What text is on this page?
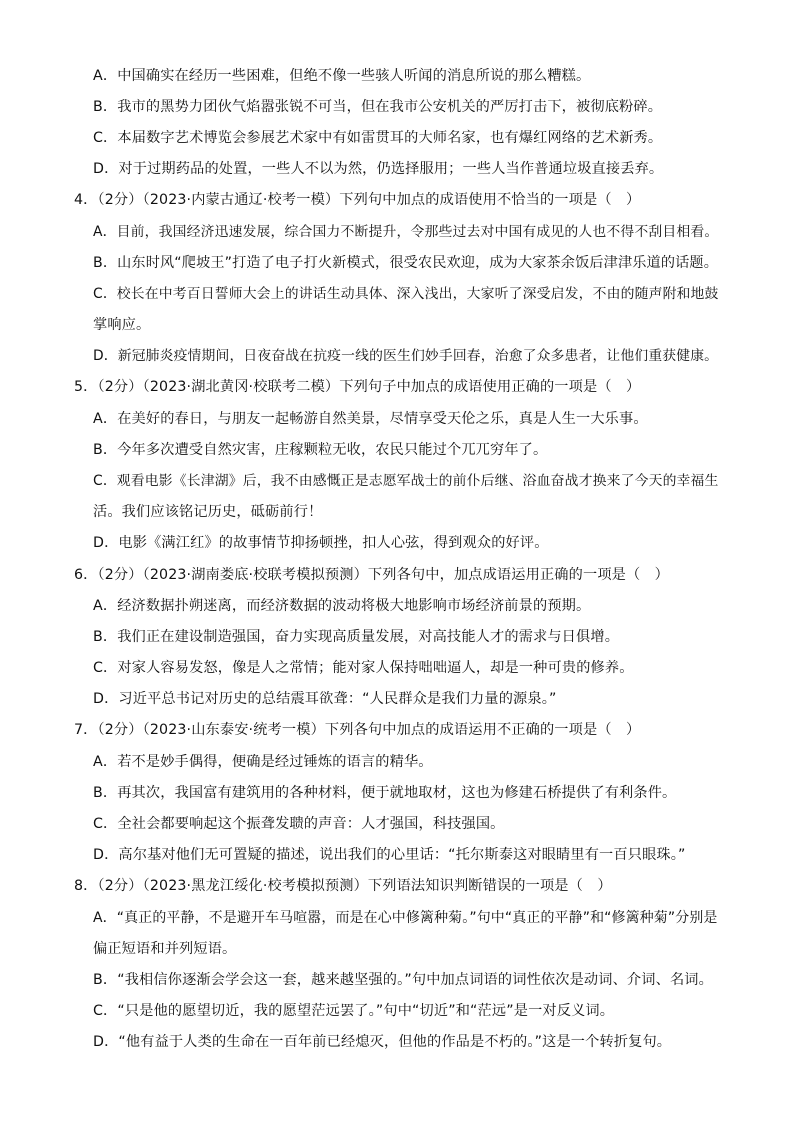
A．中国确实在经历一些困难，但绝不像一些骇人听闻的消息所说的那么糟糕。
B．我市的黑势力团伙气焰嚣张锐不可当，但在我市公安机关的严厉打击下，被彻底粉碎。
C．本届数字艺术博览会参展艺术家中有如雷贯耳的大师名家，也有爆红网络的艺术新秀。
D．对于过期药品的处置，一些人不以为然，仍选择服用；一些人当作普通垃圾直接丢弃。
4．（2分）（2023·内蒙古通辽·校考一模）下列句中加点的成语使用不恰当的一项是（　）
A．目前，我国经济迅速发展，综合国力不断提升，令那些过去对中国有成见的人也不得不刮目相看。
B．山东时风“爬坡王”打造了电子打火新模式，很受农民欢迎，成为大家茶余饭后津津乐道的话题。
C．校长在中考百日誓师大会上的讲话生动具体、深入浅出，大家听了深受启发，不由的随声附和地鼓
掌响应。
D．新冠肺炎疫情期间，日夜奋战在抗疫一线的医生们妙手回春，治愈了众多患者，让他们重获健康。
5．（2分）（2023·湖北黄冈·校联考二模）下列句子中加点的成语使用正确的一项是（　）
A．在美好的春日，与朋友一起畅游自然美景，尽情享受天伦之乐，真是人生一大乐事。
B．今年多次遭受自然灾害，庄稼颗粒无收，农民只能过个兀兀穷年了。
C．观看电影《长津湖》后，我不由感慨正是志愿军战士的前仆后继、浴血奋战才换来了今天的幸福生
活。我们应该铭记历史，砥砺前行！
D．电影《满江红》的故事情节抑扬顿挫，扣人心弦，得到观众的好评。
6．（2分）（2023·湖南娄底·校联考模拟预测）下列各句中，加点成语运用正确的一项是（　）
A．经济数据扑朔迷离，而经济数据的波动将极大地影响市场经济前景的预期。
B．我们正在建设制造强国，奋力实现高质量发展，对高技能人才的需求与日俱增。
C．对家人容易发怒，像是人之常情；能对家人保持咄咄逼人，却是一种可贵的修养。
D．习近平总书记对历史的总结震耳欲聋：“人民群众是我们力量的源泉。”
7．（2分）（2023·山东泰安·统考一模）下列各句中加点的成语运用不正确的一项是（　）
A．若不是妙手偶得，便确是经过锤炼的语言的精华。
B．再其次，我国富有建筑用的各种材料，便于就地取材，这也为修建石桥提供了有利条件。
C．全社会都要响起这个振聋发聩的声音：人才强国，科技强国。
D．高尔基对他们无可置疑的描述，说出我们的心里话：“托尔斯泰这对眼睛里有一百只眼珠。”
8．（2分）（2023·黑龙江绥化·校考模拟预测）下列语法知识判断错误的一项是（　）
A．“真正的平静，不是避开车马喧嚣，而是在心中修篱种菊。”句中“真正的平静”和“修篱种菊”分别是
偏正短语和并列短语。
B．“我相信你逐渐会学会这一套，越来越坚强的。”句中加点词语的词性依次是动词、介词、名词。
C．“只是他的愿望切近，我的愿望茫远罢了。”句中“切近”和“茫远”是一对反义词。
D．“他有益于人类的生命在一百年前已经熄灭，但他的作品是不朽的。”这是一个转折复句。
